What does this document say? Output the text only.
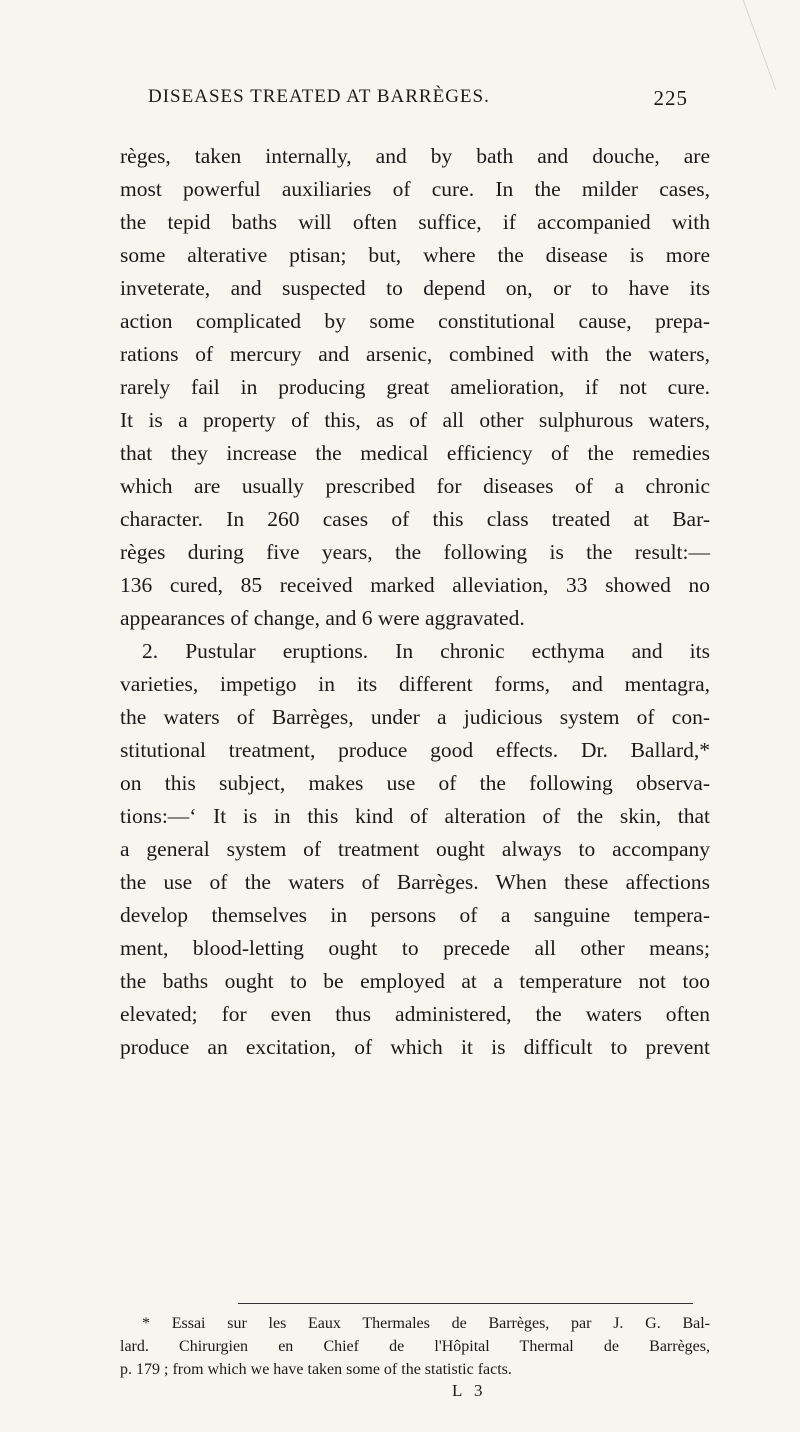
DISEASES TREATED AT BARRÈGES.	225
règes, taken internally, and by bath and douche, are
most powerful auxiliaries of cure. In the milder cases,
the tepid baths will often suffice, if accompanied with
some alterative ptisan; but, where the disease is more
inveterate, and suspected to depend on, or to have its
action complicated by some constitutional cause, prepa-
rations of mercury and arsenic, combined with the waters,
rarely fail in producing great amelioration, if not cure.
It is a property of this, as of all other sulphurous waters,
that they increase the medical efficiency of the remedies
which are usually prescribed for diseases of a chronic
character. In 260 cases of this class treated at Bar-
règes during five years, the following is the result:—
136 cured, 85 received marked alleviation, 33 showed no
appearances of change, and 6 were aggravated.
2. Pustular eruptions. In chronic ecthyma and its
varieties, impetigo in its different forms, and mentagra,
the waters of Barrèges, under a judicious system of con-
stitutional treatment, produce good effects. Dr. Ballard,*
on this subject, makes use of the following observa-
tions:—‘ It is in this kind of alteration of the skin, that
a general system of treatment ought always to accompany
the use of the waters of Barrèges. When these affections
develop themselves in persons of a sanguine tempera-
ment, blood-letting ought to precede all other means;
the baths ought to be employed at a temperature not too
elevated; for even thus administered, the waters often
produce an excitation, of which it is difficult to prevent
* Essai sur les Eaux Thermales de Barrèges, par J. G. Bal-
lard. Chirurgien en Chief de l'Hôpital Thermal de Barrèges,
p. 179 ; from which we have taken some of the statistic facts.
L 3
